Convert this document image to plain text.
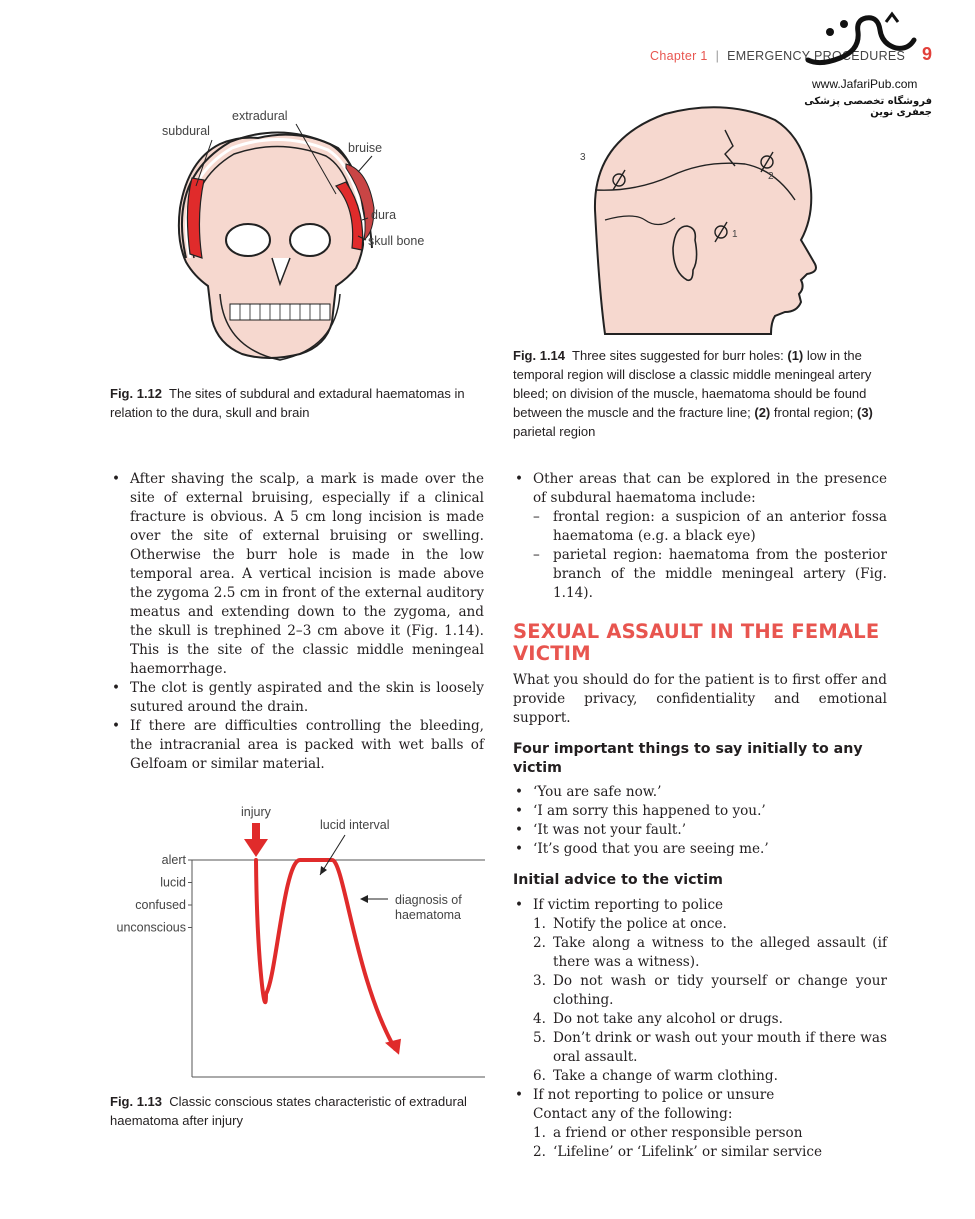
Chapter 1 | EMERGENCY PROCEDURES 9
www.JafariPub.com
فروشگاه تخصصی پزشکی جعفری نوین
extradural
subdural
bruise
dura
skull bone
Fig. 1.12 The sites of subdural and extadural haematomas in relation to the dura, skull and brain
3
2
1
Fig. 1.14 Three sites suggested for burr holes: (1) low in the temporal region will disclose a classic middle meningeal artery bleed; on division of the muscle, haematoma should be found between the muscle and the fracture line; (2) frontal region; (3) parietal region
• After shaving the scalp, a mark is made over the site of external bruising, especially if a clinical fracture is obvious. A 5 cm long incision is made over the site of external bruising or swelling. Otherwise the burr hole is made in the low temporal area. A vertical incision is made above the zygoma 2.5 cm in front of the external auditory meatus and extending down to the zygoma, and the skull is trephined 2–3 cm above it (Fig. 1.14). This is the site of the classic middle meningeal haemorrhage.
• The clot is gently aspirated and the skin is loosely sutured around the drain.
• If there are difficulties controlling the bleeding, the intracranial area is packed with wet balls of Gelfoam or similar material.
alert
lucid
confused
unconscious
injury
lucid interval
diagnosis of
haematoma
Fig. 1.13 Classic conscious states characteristic of extradural haematoma after injury
• Other areas that can be explored in the presence of subdural haematoma include:
– frontal region: a suspicion of an anterior fossa haematoma (e.g. a black eye)
– parietal region: haematoma from the posterior branch of the middle meningeal artery (Fig. 1.14).
SEXUAL ASSAULT IN THE FEMALE
VICTIM
What you should do for the patient is to first offer and provide privacy, confidentiality and emotional support.
Four important things to say initially to any
victim
• ‘You are safe now.’
• ‘I am sorry this happened to you.’
• ‘It was not your fault.’
• ‘It’s good that you are seeing me.’
Initial advice to the victim
• If victim reporting to police
1. Notify the police at once.
2. Take along a witness to the alleged assault (if there was a witness).
3. Do not wash or tidy yourself or change your clothing.
4. Do not take any alcohol or drugs.
5. Don’t drink or wash out your mouth if there was oral assault.
6. Take a change of warm clothing.
• If not reporting to police or unsure
Contact any of the following:
1. a friend or other responsible person
2. ‘Lifeline’ or ‘Lifelink’ or similar service
